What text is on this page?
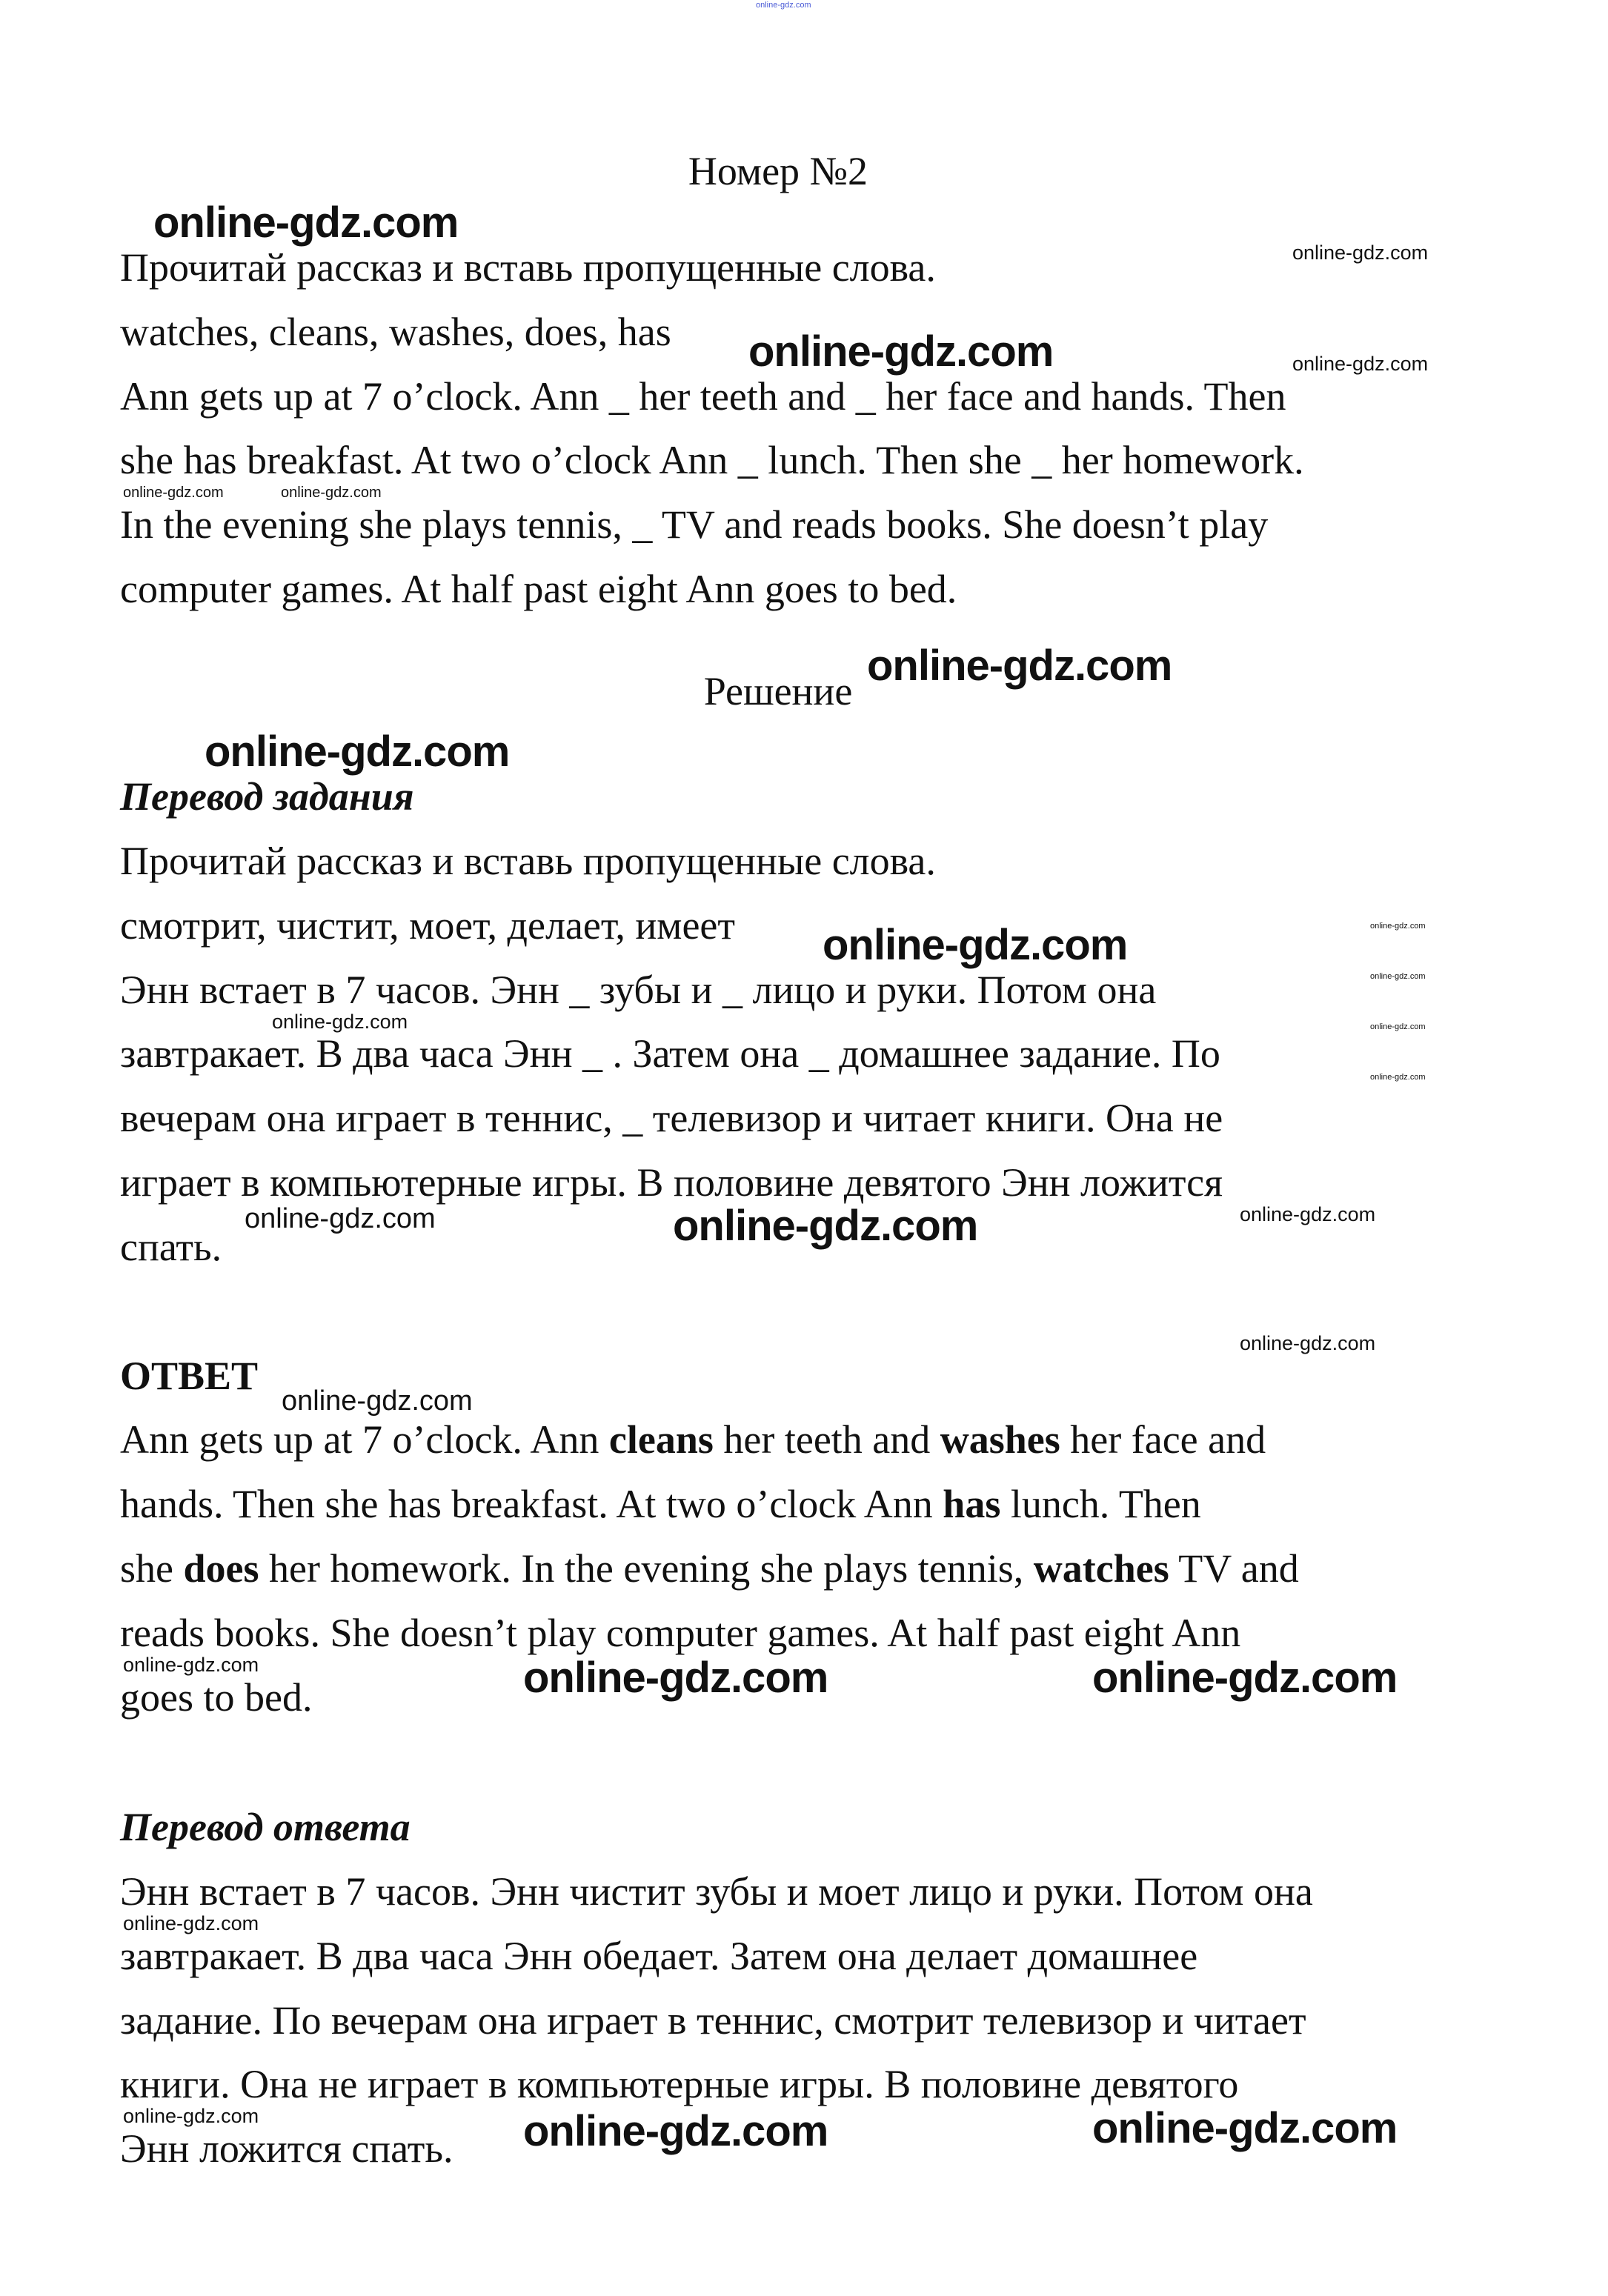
online-gdz.com
Номер №2
Прочитай рассказ и вставь пропущенные слова.
watches, cleans, washes, does, has
Ann gets up at 7 o’clock. Ann _ her teeth and _ her face and hands. Then
she has breakfast. At two o’clock Ann _ lunch. Then she _ her homework.
In the evening she plays tennis, _ TV and reads books. She doesn’t play
computer games. At half past eight Ann goes to bed.
Решение
Перевод задания
Прочитай рассказ и вставь пропущенные слова.
смотрит, чистит, моет, делает, имеет
Энн встает в 7 часов. Энн _ зубы и _ лицо и руки. Потом она
завтракает. В два часа Энн _ . Затем она _ домашнее задание. По
вечерам она играет в теннис, _ телевизор и читает книги. Она не
играет в компьютерные игры. В половине девятого Энн ложится
спать.
ОТВЕТ
Ann gets up at 7 o’clock. Ann cleans her teeth and washes her face and
hands. Then she has breakfast. At two o’clock Ann has lunch. Then
she does her homework. In the evening she plays tennis, watches TV and
reads books. She doesn’t play computer games. At half past eight Ann
goes to bed.
Перевод ответа
Энн встает в 7 часов. Энн чистит зубы и моет лицо и руки. Потом она
завтракает. В два часа Энн обедает. Затем она делает домашнее
задание. По вечерам она играет в теннис, смотрит телевизор и читает
книги. Она не играет в компьютерные игры. В половине девятого
Энн ложится спать.
online-gdz.com
online-gdz.com
online-gdz.com
online-gdz.com
online-gdz.com
online-gdz.com
online-gdz.com	online-gdz.com
online-gdz.com	online-gdz.com
online-gdz.com
online-gdz.com
online-gdz.com	online-gdz.com
online-gdz.com
online-gdz.com	online-gdz.com
online-gdz.com
online-gdz.com
online-gdz.com
online-gdz.com
online-gdz.com
online-gdz.com
online-gdz.com
online-gdz.com
online-gdz.com
